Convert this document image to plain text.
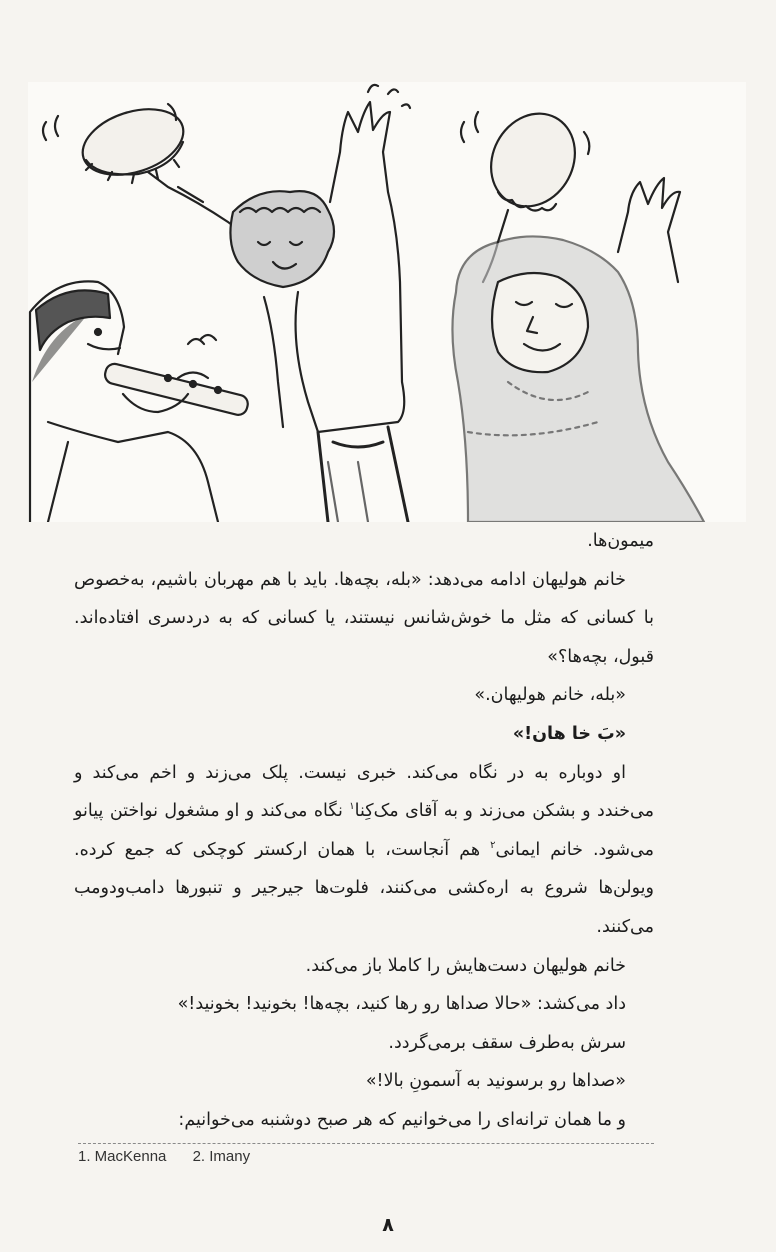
میمون‌ها.

خانم هولیهان ادامه می‌دهد: «بله، بچه‌ها. باید با هم مهربان باشیم، به‌خصوص با کسانی که مثل ما خوش‌شانس نیستند، یا کسانی که به دردسری افتاده‌اند. قبول، بچه‌ها؟»

«بله، خانم هولیهان.»

«بَ خا هان!»

او دوباره به در نگاه می‌کند. خبری نیست. پلک می‌زند و اخم می‌کند و می‌خندد و بشکن می‌زند و به آقای مک‌کِنا$^۱$ نگاه می‌کند و او مشغول نواختن پیانو می‌شود. خانم ایمانی$^۲$ هم آنجاست، با همان ارکستر کوچکی که جمع کرده. ویولن‌ها شروع به اره‌کشی می‌کنند، فلوت‌ها جیرجیر و تنبورها دامب‌ودومب می‌کنند.

خانم هولیهان دست‌هایش را کاملا باز می‌کند.

داد می‌کشد: «حالا صداها رو رها کنید، بچه‌ها! بخونید! بخونید!»

سرش به‌طرف سقف برمی‌گردد.

«صداها رو برسونید به آسمونِ بالا!»

و ما همان ترانه‌ای را می‌خوانیم که هر صبح دوشنبه می‌خوانیم:

1. MacKenna 2. Imany
۸
